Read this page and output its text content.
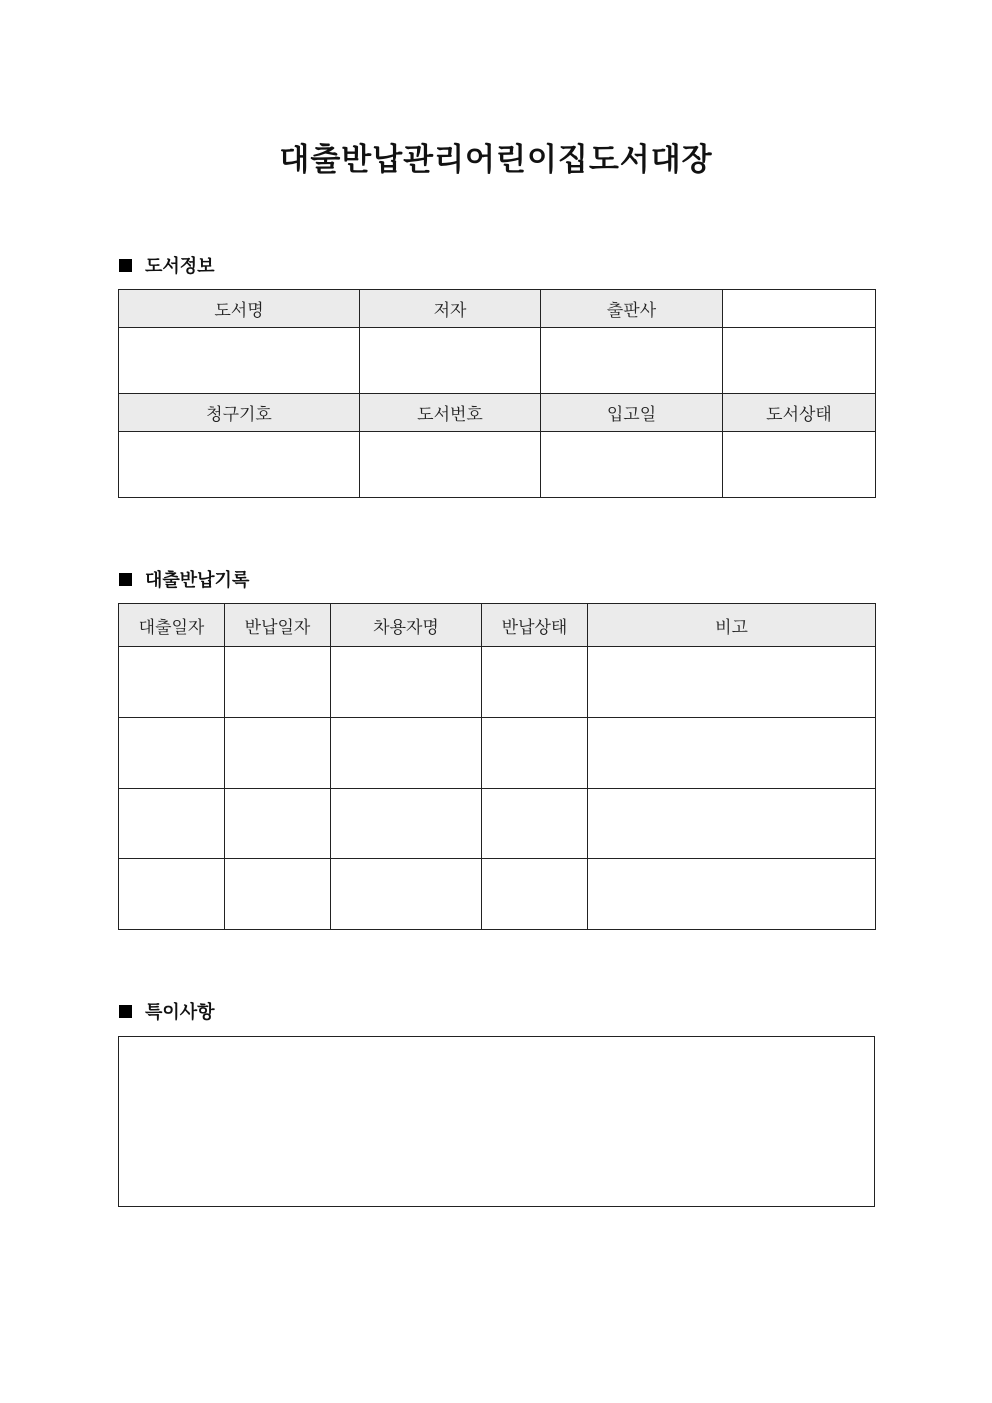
대출반납관리어린이집도서대장
도서정보
도서명	저자	출판사	

청구기호	도서번호	입고일	도서상태

대출반납기록
대출일자	반납일자	차용자명	반납상태	비고

특이사항
